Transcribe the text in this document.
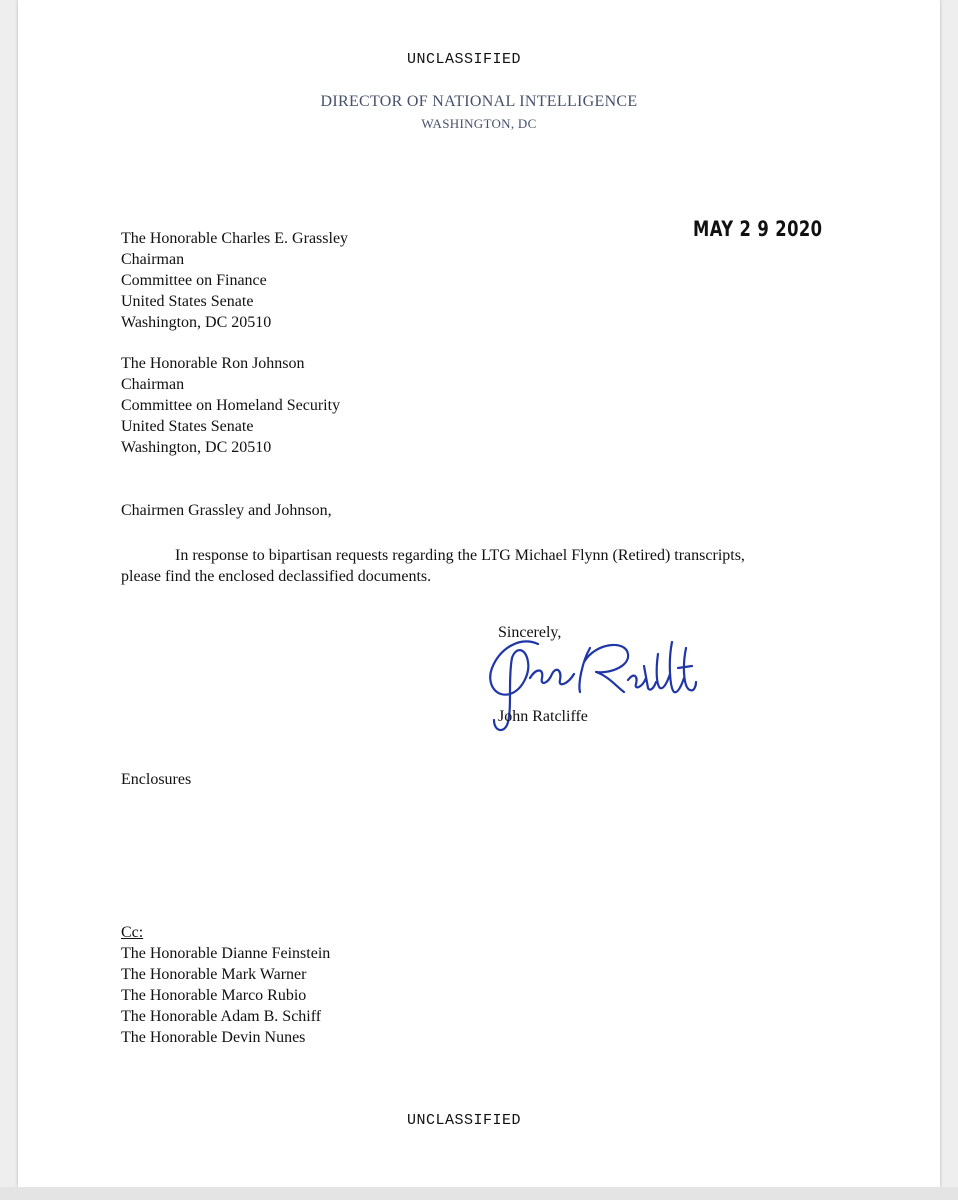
UNCLASSIFIED
DIRECTOR OF NATIONAL INTELLIGENCE
WASHINGTON, DC
MAY 2 9 2020
The Honorable Charles E. Grassley
Chairman
Committee on Finance
United States Senate
Washington, DC 20510
The Honorable Ron Johnson
Chairman
Committee on Homeland Security
United States Senate
Washington, DC 20510
Chairmen Grassley and Johnson,
In response to bipartisan requests regarding the LTG Michael Flynn (Retired) transcripts,
please find the enclosed declassified documents.
Sincerely,
John Ratcliffe
Enclosures
Cc:
The Honorable Dianne Feinstein
The Honorable Mark Warner
The Honorable Marco Rubio
The Honorable Adam B. Schiff
The Honorable Devin Nunes
UNCLASSIFIED
